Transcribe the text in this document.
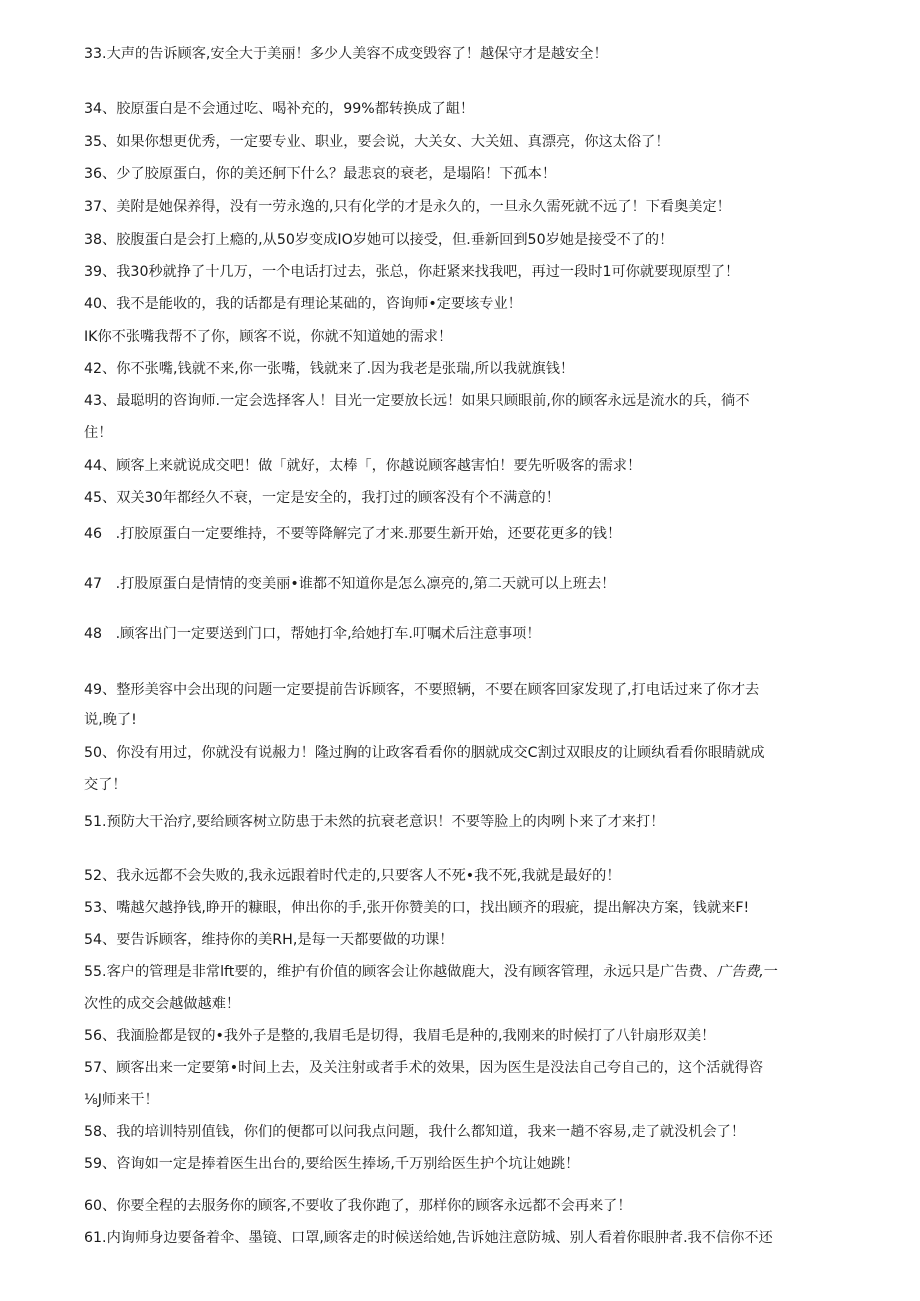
33.大声的告诉顾客,安全大于美丽！多少人美容不成变毁容了！越保守才是越安全！
34、胶原蛋白是不会通过吃、喝补充的，99%都转换成了龃！
35、如果你想更优秀，一定要专业、职业，要会说，大关女、大关妞、真漂亮，你这太俗了！
36、少了胶原蛋白，你的美还舸下什么？最悲哀的衰老，是塌陷！下孤本！
37、美附是她保养得，没有一劳永逸的,只有化学的才是永久的，一旦永久需死就不远了！下看奥美定！
38、胶腹蛋白是会打上瘾的,从50岁变成IO岁她可以接受，但.垂新回到50岁她是接受不了的！
39、我30秒就挣了十几万，一个电话打过去，张总，你赶紧来找我吧，再过一段时1可你就要现原型了！
40、我不是能收的，我的话都是有理论某础的，咨询师•定要垓专业！
IK你不张嘴我帮不了你，顾客不说，你就不知道她的需求！
42、你不张嘴,钱就不来,你一张嘴，钱就来了.因为我老是张瑞,所以我就旗钱！
43、最聪明的咨询师.一定会选择客人！目光一定要放长远！如果只顾眼前,你的顾客永远是流水的兵，徜不
住！
44、顾客上来就说成交吧！做「就好，太棒「，你越说顾客越害怕！要先听吸客的需求！
45、双关30年都经久不衰，一定是安全的，我打过的顾客没有个不满意的！
46   .打胶原蛋白一定要维持，不要等降解完了才来.那要生新开始，还要花更多的钱！
47   .打股原蛋白是情情的变美丽•谁都不知道你是怎么凛亮的,第二天就可以上班去！
48   .顾客出门一定要送到门口，帮她打伞,给她打车.叮嘱术后注意事项！
49、整形美容中会出现的问题一定要提前告诉顾客，不要照辆，不要在顾客回家发现了,打电话过来了你才去
说,晚了!
50、你没有用过，你就没有说赧力！隆过胸的让政客看看你的胭就成交C割过双眼皮的让顾纨看看你眼睛就成
交了！
51.预防大干治疗,要给顾客树立防患于未然的抗衰老意识！不要等脸上的肉咧卜来了才来打！
52、我永远都不会失败的,我永远跟着时代走的,只要客人不死•我不死,我就是最好的！
53、嘴越欠越挣钱,睁开的糠眼，伸出你的手,张开你赞美的口，找出顾齐的瑕疵，提出解决方案，钱就来F!
54、要告诉顾客，维持你的美RH,是每一天都要做的功课！
55.客户的管理是非常lft要的，维护有价值的顾客会让你越做鹿大，没有顾客管理，永远只是广告费、广告费,一
次性的成交会越做越难！
56、我湎脸都是钗的•我外子是整的,我眉毛是切得，我眉毛是种的,我刚来的时候打了八针扇形双美！
57、顾客出来一定要第•时间上去，及关注射或者手术的效果，因为医生是没法自己夸自己的，这个活就得咨
⅛J师来干！
58、我的培训特别值钱，你们的便都可以问我点问题，我什么都知道，我来一趟不容易,走了就没机会了！
59、咨询如一定是捧着医生出台的,要给医生捧场,千万别给医生护个坑让她跳！
60、你要全程的去服务你的顾客,不要收了我你跑了，那样你的顾客永远都不会再来了！
61.内询师身边要备着伞、墨镜、口罩,顾客走的时候送给她,告诉她注意防城、别人看着你眼肿者.我不信你不还
